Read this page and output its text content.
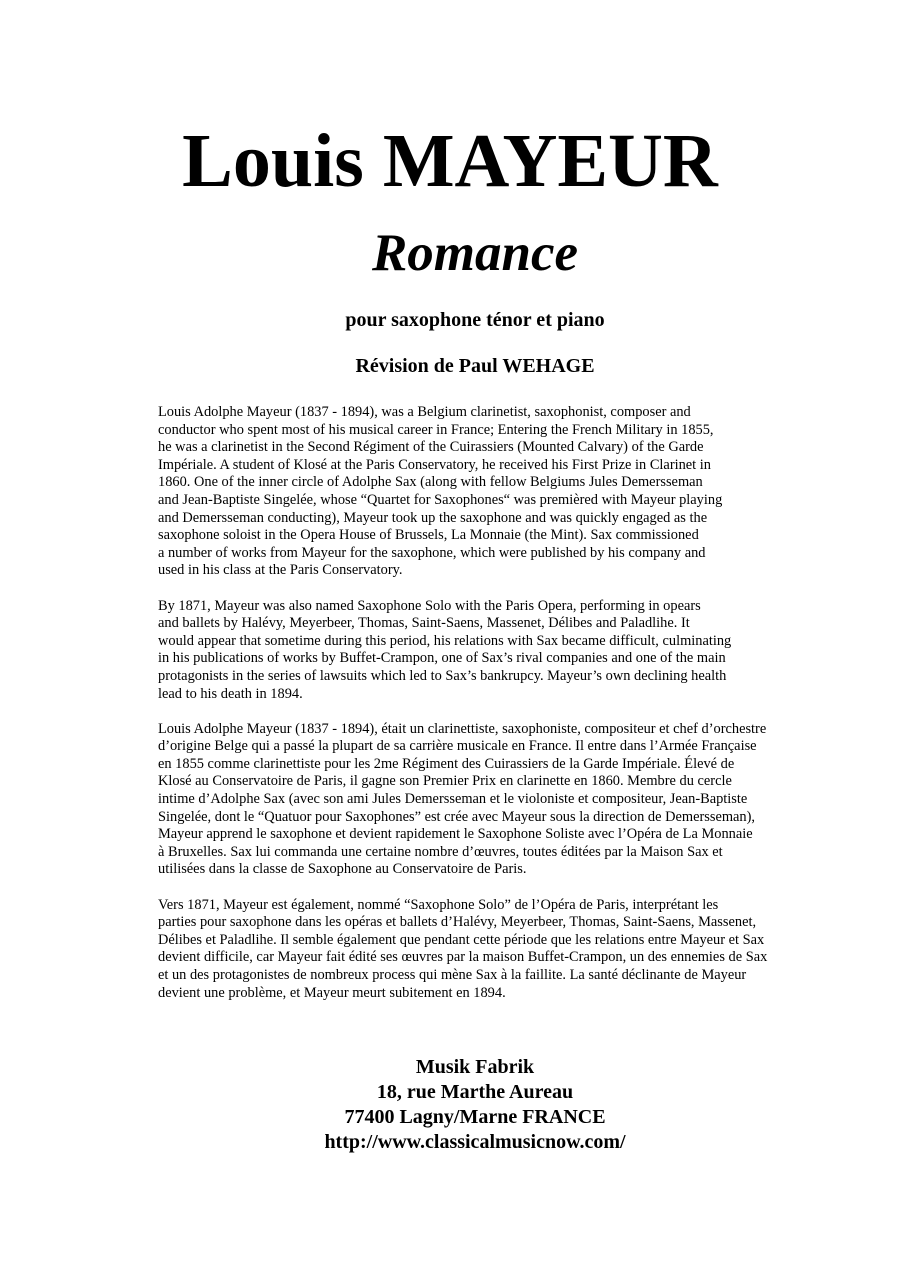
Louis MAYEUR
Romance
pour saxophone ténor et piano
Révision de Paul WEHAGE

Louis Adolphe Mayeur (1837 - 1894), was a Belgium clarinetist, saxophonist, composer and
conductor who spent most of his musical career in France; Entering the French Military in 1855,
he was a clarinetist in the Second Régiment of the Cuirassiers (Mounted Calvary) of the Garde
Impériale. A student of Klosé at the Paris Conservatory, he received his First Prize in Clarinet in
1860. One of the inner circle of Adolphe Sax (along with fellow Belgiums Jules Demersseman
and Jean-Baptiste Singelée, whose “Quartet for Saxophones“ was premièred with Mayeur playing
and Demersseman conducting), Mayeur took up the saxophone and was quickly engaged as the
saxophone soloist in the Opera House of Brussels, La Monnaie (the Mint). Sax commissioned
a number of works from Mayeur for the saxophone, which were published by his company and
used in his class at the Paris Conservatory.

By 1871, Mayeur was also named Saxophone Solo with the Paris Opera, performing in opears
and ballets by Halévy, Meyerbeer, Thomas, Saint-Saens, Massenet, Délibes and Paladlihe. It
would appear that sometime during this period, his relations with Sax became difficult, culminating
in his publications of works by Buffet-Crampon, one of Sax’s rival companies and one of the main
protagonists in the series of lawsuits which led to Sax’s bankrupcy. Mayeur’s own declining health
lead to his death in 1894.

Louis Adolphe Mayeur (1837 - 1894), était un clarinettiste, saxophoniste, compositeur et chef d’orchestre
d’origine Belge qui a passé la plupart de sa carrière musicale en France. Il entre dans l’Armée Française
en 1855 comme clarinettiste pour les 2me Régiment des Cuirassiers de la Garde Impériale. Élevé de
Klosé au Conservatoire de Paris, il gagne son Premier Prix en clarinette en 1860. Membre du cercle
intime d’Adolphe Sax (avec son ami Jules Demersseman et le violoniste et compositeur, Jean-Baptiste
Singelée, dont le “Quatuor pour Saxophones” est crée avec Mayeur sous la direction de Demersseman),
Mayeur apprend le saxophone et devient rapidement le Saxophone Soliste avec l’Opéra de La Monnaie
à Bruxelles. Sax lui commanda une certaine nombre d’œuvres, toutes éditées par la Maison Sax et
utilisées dans la classe de Saxophone au Conservatoire de Paris.

Vers 1871, Mayeur est également, nommé “Saxophone Solo” de l’Opéra de Paris, interprétant les
parties pour saxophone dans les opéras et ballets d’Halévy, Meyerbeer, Thomas, Saint-Saens, Massenet,
Délibes et Paladlihe. Il semble également que pendant cette période que les relations entre Mayeur et Sax
devient difficile, car Mayeur fait édité ses œuvres par la maison Buffet-Crampon, un des ennemies de Sax
et un des protagonistes de nombreux process qui mène Sax à la faillite. La santé déclinante de Mayeur
devient une problème, et Mayeur meurt subitement en 1894.

Musik Fabrik
18, rue Marthe Aureau
77400 Lagny/Marne FRANCE
http://www.classicalmusicnow.com/
